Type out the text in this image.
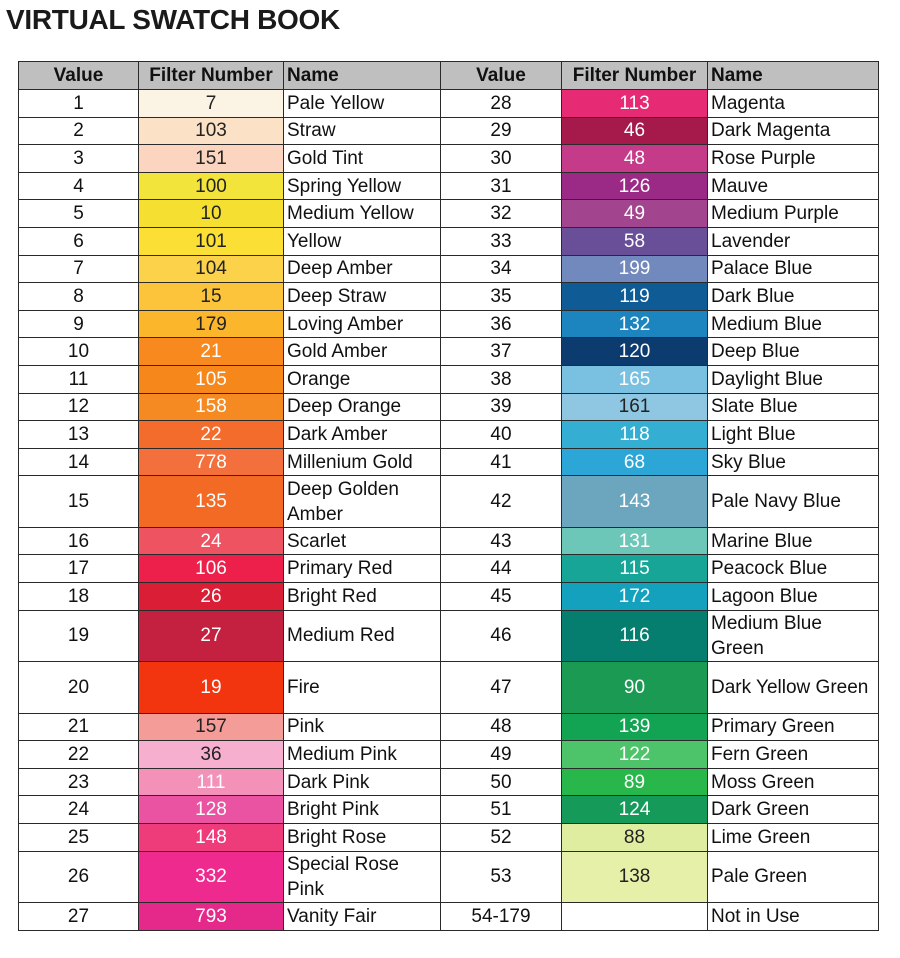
VIRTUAL SWATCH BOOK
Value	Filter Number	Name	Value	Filter Number	Name
1	7	Pale Yellow	28	113	Magenta
2	103	Straw	29	46	Dark Magenta
3	151	Gold Tint	30	48	Rose Purple
4	100	Spring Yellow	31	126	Mauve
5	10	Medium Yellow	32	49	Medium Purple
6	101	Yellow	33	58	Lavender
7	104	Deep Amber	34	199	Palace Blue
8	15	Deep Straw	35	119	Dark Blue
9	179	Loving Amber	36	132	Medium Blue
10	21	Gold Amber	37	120	Deep Blue
11	105	Orange	38	165	Daylight Blue
12	158	Deep Orange	39	161	Slate Blue
13	22	Dark Amber	40	118	Light Blue
14	778	Millenium Gold	41	68	Sky Blue
15	135	Deep Golden Amber	42	143	Pale Navy Blue
16	24	Scarlet	43	131	Marine Blue
17	106	Primary Red	44	115	Peacock Blue
18	26	Bright Red	45	172	Lagoon Blue
19	27	Medium Red	46	116	Medium Blue Green
20	19	Fire	47	90	Dark Yellow Green
21	157	Pink	48	139	Primary Green
22	36	Medium Pink	49	122	Fern Green
23	111	Dark Pink	50	89	Moss Green
24	128	Bright Pink	51	124	Dark Green
25	148	Bright Rose	52	88	Lime Green
26	332	Special Rose Pink	53	138	Pale Green
27	793	Vanity Fair	54-179		Not in Use
